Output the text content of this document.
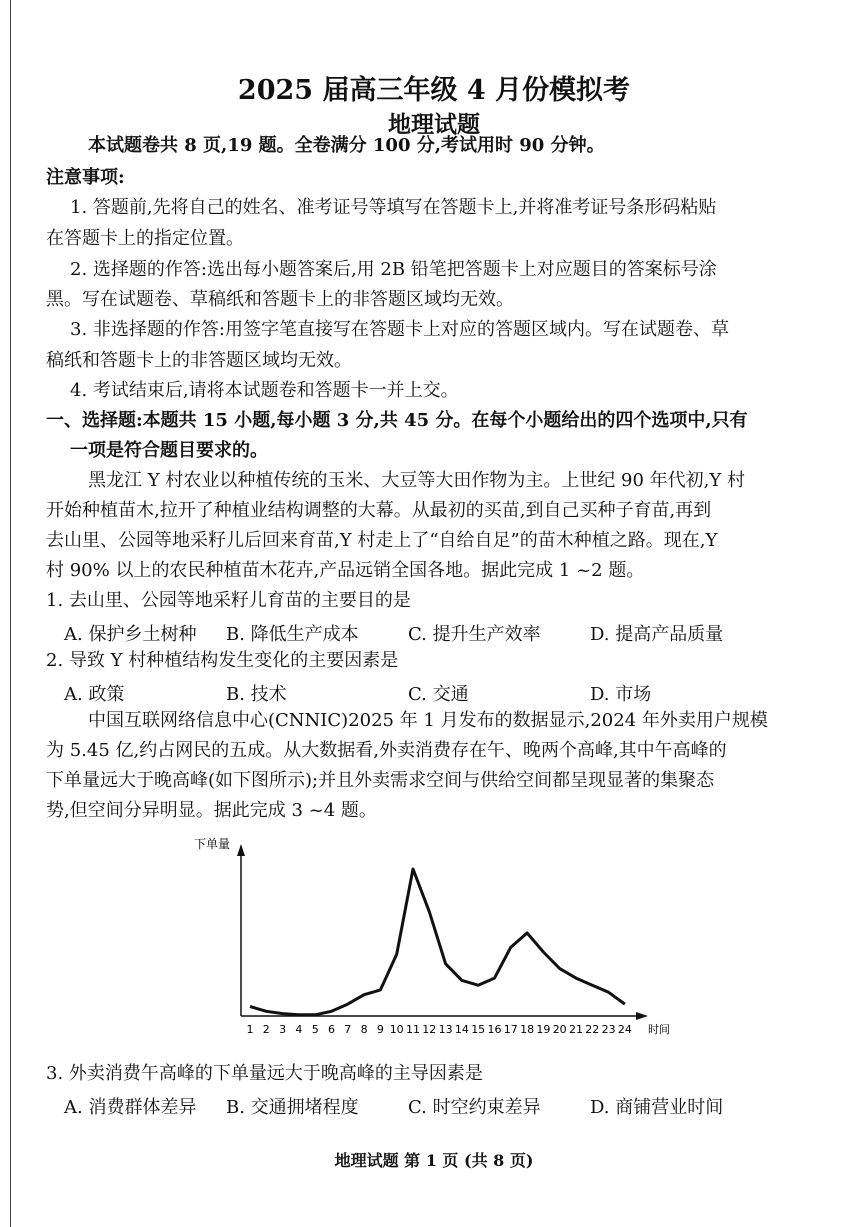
2025 届高三年级 4 月份模拟考
地理试题
本试题卷共 8 页,19 题。全卷满分 100 分,考试用时 90 分钟。
注意事项:
1. 答题前,先将自己的姓名、准考证号等填写在答题卡上,并将准考证号条形码粘贴
在答题卡上的指定位置。
2. 选择题的作答:选出每小题答案后,用 2B 铅笔把答题卡上对应题目的答案标号涂
黑。写在试题卷、草稿纸和答题卡上的非答题区域均无效。
3. 非选择题的作答:用签字笔直接写在答题卡上对应的答题区域内。写在试题卷、草
稿纸和答题卡上的非答题区域均无效。
4. 考试结束后,请将本试题卷和答题卡一并上交。
一、选择题:本题共 15 小题,每小题 3 分,共 45 分。在每个小题给出的四个选项中,只有
一项是符合题目要求的。
黑龙江 Y 村农业以种植传统的玉米、大豆等大田作物为主。上世纪 90 年代初,Y 村
开始种植苗木,拉开了种植业结构调整的大幕。从最初的买苗,到自己买种子育苗,再到
去山里、公园等地采籽儿后回来育苗,Y 村走上了“自给自足”的苗木种植之路。现在,Y
村 90% 以上的农民种植苗木花卉,产品远销全国各地。据此完成 1 ~2 题。
1. 去山里、公园等地采籽儿育苗的主要目的是
A. 保护乡土树种 B. 降低生产成本	C. 提升生产效率	D. 提高产品质量
2. 导致 Y 村种植结构发生变化的主要因素是
A. 政策	B. 技术	C. 交通	D. 市场
中国互联网络信息中心(CNNIC)2025 年 1 月发布的数据显示,2024 年外卖用户规模
为 5.45 亿,约占网民的五成。从大数据看,外卖消费存在午、晚两个高峰,其中午高峰的
下单量远大于晚高峰(如下图所示);并且外卖需求空间与供给空间都呈现显著的集聚态
势,但空间分异明显。据此完成 3 ~4 题。
下单量
时间
1 2 3 4 5 6 7 8 9 10 11 12 13 14 15 16 17 18 19 20 21 22 23 24
3. 外卖消费午高峰的下单量远大于晚高峰的主导因素是
A. 消费群体差异 B. 交通拥堵程度	C. 时空约束差异	D. 商铺营业时间
地理试题 第 1 页 (共 8 页)
